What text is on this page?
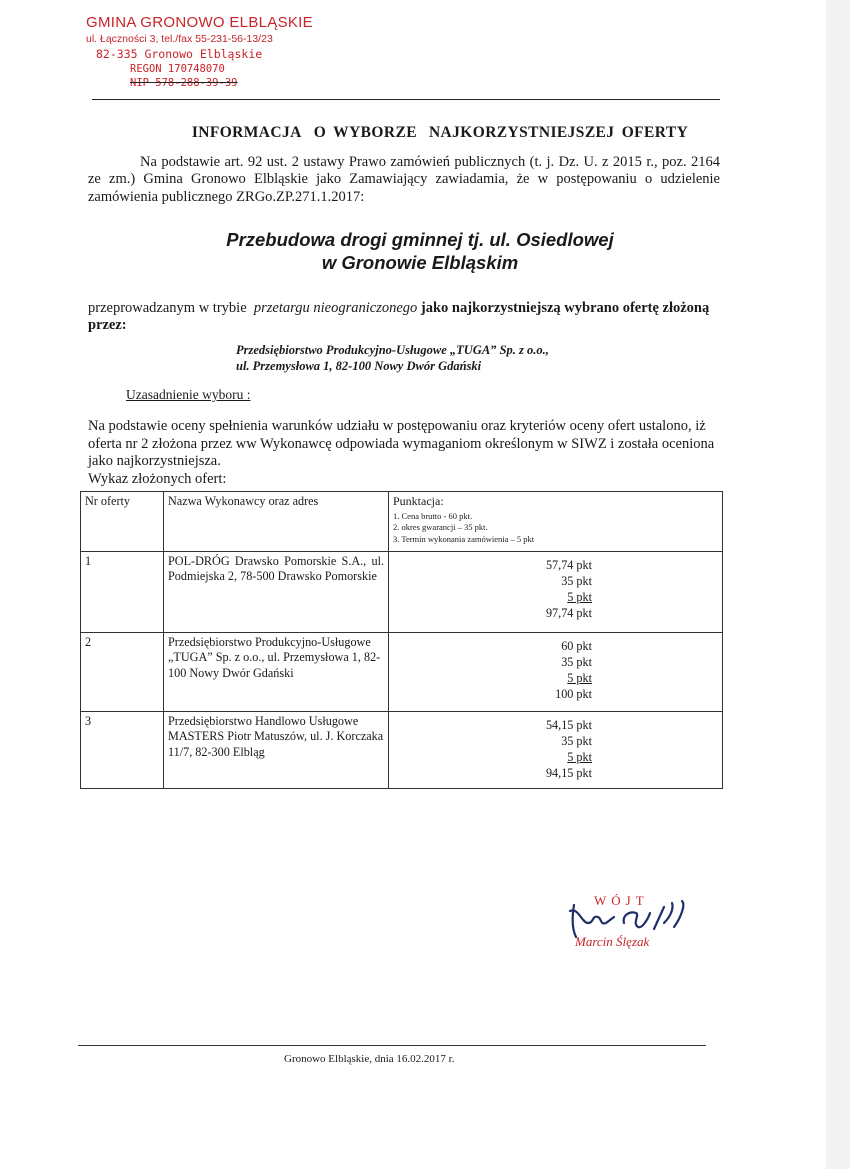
GMINA GRONOWO ELBLĄSKIE
ul. Łączności 3, tel./fax 55-231-56-13/23
82-335 Gronowo Elbląskie
REGON 170748070
NIP 578-288-39-39
INFORMACJA O WYBORZE NAJKORZYSTNIEJSZEJ OFERTY

Na podstawie art. 92 ust. 2 ustawy Prawo zamówień publicznych (t. j. Dz. U. z 2015 r., poz. 2164 ze zm.) Gmina Gronowo Elbląskie jako Zamawiający zawiadamia, że w postępowaniu o udzielenie zamówienia publicznego ZRGo.ZP.271.1.2017:

Przebudowa drogi gminnej tj. ul. Osiedlowej
w Gronowie Elbląskim
przeprowadzanym w trybie przetargu nieograniczonego jako najkorzystniejszą wybrano ofertę złożoną przez:
Przedsiębiorstwo Produkcyjno-Usługowe „TUGA” Sp. z o.o.,
ul. Przemysłowa 1, 82-100 Nowy Dwór Gdański
Uzasadnienie wyboru :
Na podstawie oceny spełnienia warunków udziału w postępowaniu oraz kryteriów oceny ofert ustalono, iż oferta nr 2 złożona przez ww Wykonawcę odpowiada wymaganiom określonym w SIWZ i została oceniona jako najkorzystniejsza.
Wykaz złożonych ofert:
Nr oferty	Nazwa Wykonawcy oraz adres	Punktacja:
1. Cena brutto - 60 pkt.
2. okres gwarancji – 35 pkt.
3. Termin wykonania zamówienia – 5 pkt

1	POL-DRÓG Drawsko Pomorskie S.A., ul. Podmiejska 2, 78-500 Drawsko Pomorskie	57,74 pkt
35 pkt
5 pkt
97,74 pkt

2	Przedsiębiorstwo Produkcyjno-Usługowe „TUGA” Sp. z o.o., ul. Przemysłowa 1, 82-100 Nowy Dwór Gdański	60 pkt
35 pkt
5 pkt
100 pkt

3	Przedsiębiorstwo Handlowo Usługowe MASTERS Piotr Matuszów, ul. J. Korczaka 11/7, 82-300 Elbląg	54,15 pkt
35 pkt
5 pkt
94,15 pkt
WÓJT
Marcin Ślęzak
Gronowo Elbląskie, dnia 16.02.2017 r.
